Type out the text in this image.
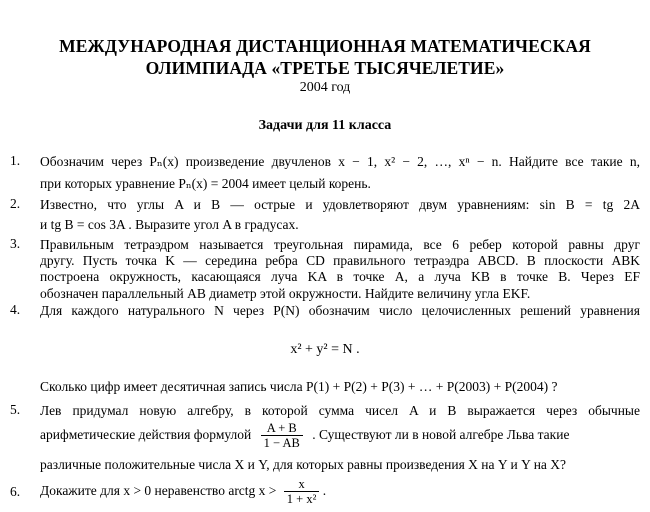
МЕЖДУНАРОДНАЯ ДИСТАНЦИОННАЯ МАТЕМАТИЧЕСКАЯ
ОЛИМПИАДА «ТРЕТЬЕ ТЫСЯЧЕЛЕТИЕ»
2004 год
Задачи для 11 класса
1. Обозначим через Pₙ(x) произведение двучленов x − 1, x² − 2, …, xⁿ − n. Найдите все такие n,
при которых уравнение Pₙ(x) = 2004 имеет целый корень.
2. Известно, что углы A и B — острые и удовлетворяют двум уравнениям: sin B = tg 2A
и tg B = cos 3A . Выразите угол A в градусах.
3. Правильным тетраэдром называется треугольная пирамида, все 6 ребер которой равны друг
другу. Пусть точка K — середина ребра CD правильного тетраэдра ABCD. В плоскости ABK
построена окружность, касающаяся луча KA в точке A, а луча KB в точке B. Через EF
обозначен параллельный AB диаметр этой окружности. Найдите величину угла EKF.
4. Для каждого натурального N через P(N) обозначим число целочисленных решений уравнения
x² + y² = N .
Сколько цифр имеет десятичная запись числа P(1) + P(2) + P(3) + … + P(2003) + P(2004) ?
5. Лев придумал новую алгебру, в которой сумма чисел A и B выражается через обычные
арифметические действия формулой $\frac{A + B}{1 - AB}$ . Существуют ли в новой алгебре Льва такие
различные положительные числа X и Y, для которых равны произведения X на Y и Y на X?
6. Докажите для x > 0 неравенство arctg $x > \frac{x}{\text{1 + x²}}$ .
